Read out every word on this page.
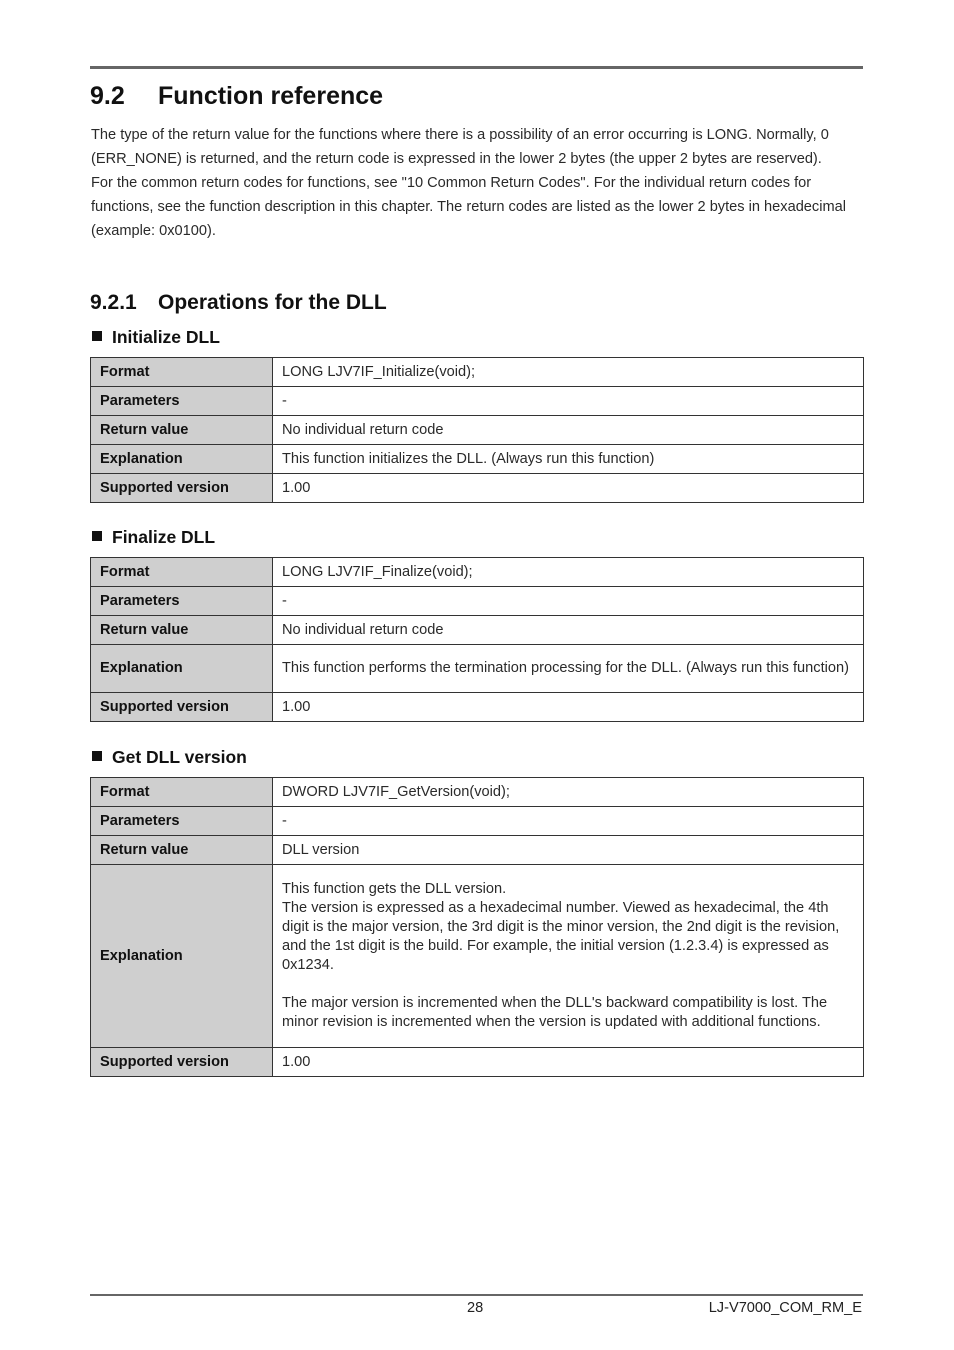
9.2 Function reference

The type of the return value for the functions where there is a possibility of an error occurring is LONG. Normally, 0 (ERR_NONE) is returned, and the return code is expressed in the lower 2 bytes (the upper 2 bytes are reserved).

For the common return codes for functions, see "10 Common Return Codes". For the individual return codes for functions, see the function description in this chapter. The return codes are listed as the lower 2 bytes in hexadecimal (example: 0x0100).

9.2.1 Operations for the DLL
Initialize DLL
Format	LONG LJV7IF_Initialize(void);
Parameters	-
Return value	No individual return code
Explanation	This function initializes the DLL. (Always run this function)
Supported version	1.00
Finalize DLL
Format	LONG LJV7IF_Finalize(void);
Parameters	-
Return value	No individual return code
Explanation	This function performs the termination processing for the DLL. (Always run this function)
Supported version	1.00
Get DLL version
Format	DWORD LJV7IF_GetVersion(void);
Parameters	-
Return value	DLL version
Explanation	This function gets the DLL version.
The version is expressed as a hexadecimal number. Viewed as hexadecimal, the 4th digit is the major version, the 3rd digit is the minor version, the 2nd digit is the revision, and the 1st digit is the build. For example, the initial version (1.2.3.4) is expressed as 0x1234.
The major version is incremented when the DLL's backward compatibility is lost. The minor revision is incremented when the version is updated with additional functions.

Supported version	1.00
28	LJ-V7000_COM_RM_E
